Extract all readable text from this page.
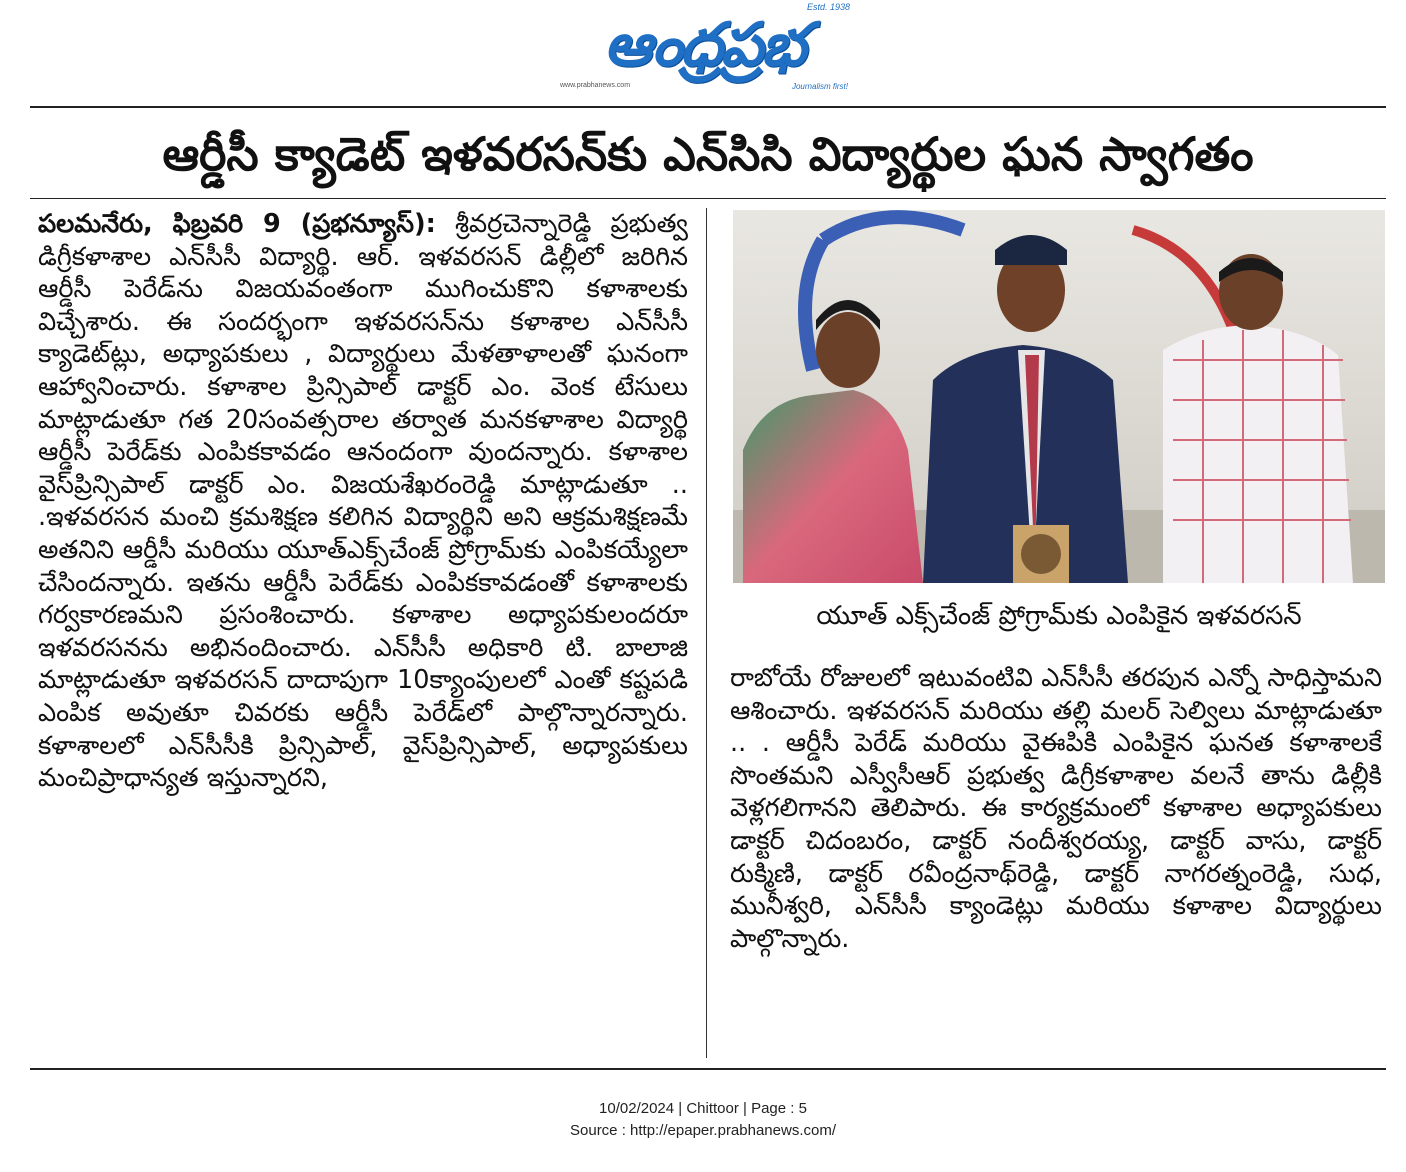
ఆంధ్రప్రభ
Estd. 1938
www.prabhanews.com	Journalism first!
ఆర్డీసీ క్యాడెట్ ఇళవరసన్‌కు ఎన్‌సిసి విద్యార్థుల ఘన స్వాగతం
పలమనేరు, ఫిబ్రవరి 9 (ప్రభన్యూస్): శ్రీవర్రచెన్నారెడ్డి ప్రభుత్వ డిగ్రీకళాశాల ఎన్‌సీసీ విద్యార్థి. ఆర్. ఇళవరసన్ డిల్లీలో జరిగిన ఆర్డీసీ పెరేడ్‌ను విజయవంతంగా ముగించుకొని కళాశాలకు విచ్చేశారు. ఈ సందర్భంగా ఇళవరసన్‌ను కళాశాల ఎన్‌సీసీ క్యాడెట్‌ట్లు, అధ్యాపకులు , విద్యార్థులు మేళతాళాలతో ఘనంగా ఆహ్వానించారు. కళాశాల ప్రిన్సిపాల్ డాక్టర్ ఎం. వెంక టేసులు మాట్లాడుతూ గత 20సంవత్సరాల తర్వాత మనకళాశాల విద్యార్థి ఆర్డీసీ పెరేడ్‌కు ఎంపికకావడం ఆనందంగా వుందన్నారు. కళాశాల వైస్‌ప్రిన్సిపాల్ డాక్టర్ ఎం. విజయశేఖరంరెడ్డి మాట్లాడుతూ .. .ఇళవరసన మంచి క్రమశిక్షణ కలిగిన విద్యార్థిని అని ఆక్రమశిక్షణమే అతనిని ఆర్డీసీ మరియు యూత్‌ఎక్స్‌చేంజ్ ప్రోగ్రామ్‌కు ఎంపికయ్యేలా చేసిందన్నారు. ఇతను ఆర్డీసీ పెరేడ్‌కు ఎంపికకావడంతో కళాశాలకు గర్వకారణమని ప్రసంశించారు. కళాశాల అధ్యాపకులందరూ ఇళవరసనను అభినందించారు. ఎన్‌సీసీ అధికారి టి. బాలాజి మాట్లాడుతూ ఇళవరసన్ దాదాపుగా 10క్యాంపులలో ఎంతో కష్టపడి ఎంపిక అవుతూ చివరకు ఆర్డీసీ పెరేడ్‌లో పాల్గొన్నారన్నారు. కళాశాలలో ఎన్‌సీసీకి ప్రిన్సిపాల్, వైస్‌ప్రిన్సిపాల్, అధ్యాపకులు మంచిప్రాధాన్యత ఇస్తున్నారని,
యూత్ ఎక్స్‌చేంజ్ ప్రోగ్రామ్‌కు ఎంపికైన ఇళవరసన్
రాబోయే రోజులలో ఇటువంటివి ఎన్‌సీసీ తరపున ఎన్నో సాధిస్తామని ఆశించారు. ఇళవరసన్ మరియు తల్లి మలర్ సెల్విలు మాట్లాడుతూ .. . ఆర్డీసీ పెరేడ్ మరియు వైఈపికి ఎంపికైన ఘనత కళాశాలకే సొంతమని ఎస్వీసీఆర్ ప్రభుత్వ డిగ్రీకళాశాల వలనే తాను డిల్లీకి వెళ్లగలిగానని తెలిపారు. ఈ కార్యక్రమంలో కళాశాల అధ్యాపకులు డాక్టర్ చిదంబరం, డాక్టర్ నందీశ్వరయ్య, డాక్టర్ వాసు, డాక్టర్ రుక్మిణి, డాక్టర్ రవీంద్రనాథ్‌రెడ్డి, డాక్టర్ నాగరత్నంరెడ్డి, సుధ, మునీశ్వరి, ఎన్‌సీసీ క్యాండెట్లు మరియు కళాశాల విద్యార్థులు పాల్గొన్నారు.
10/02/2024 | Chittoor | Page : 5
Source : http://epaper.prabhanews.com/
